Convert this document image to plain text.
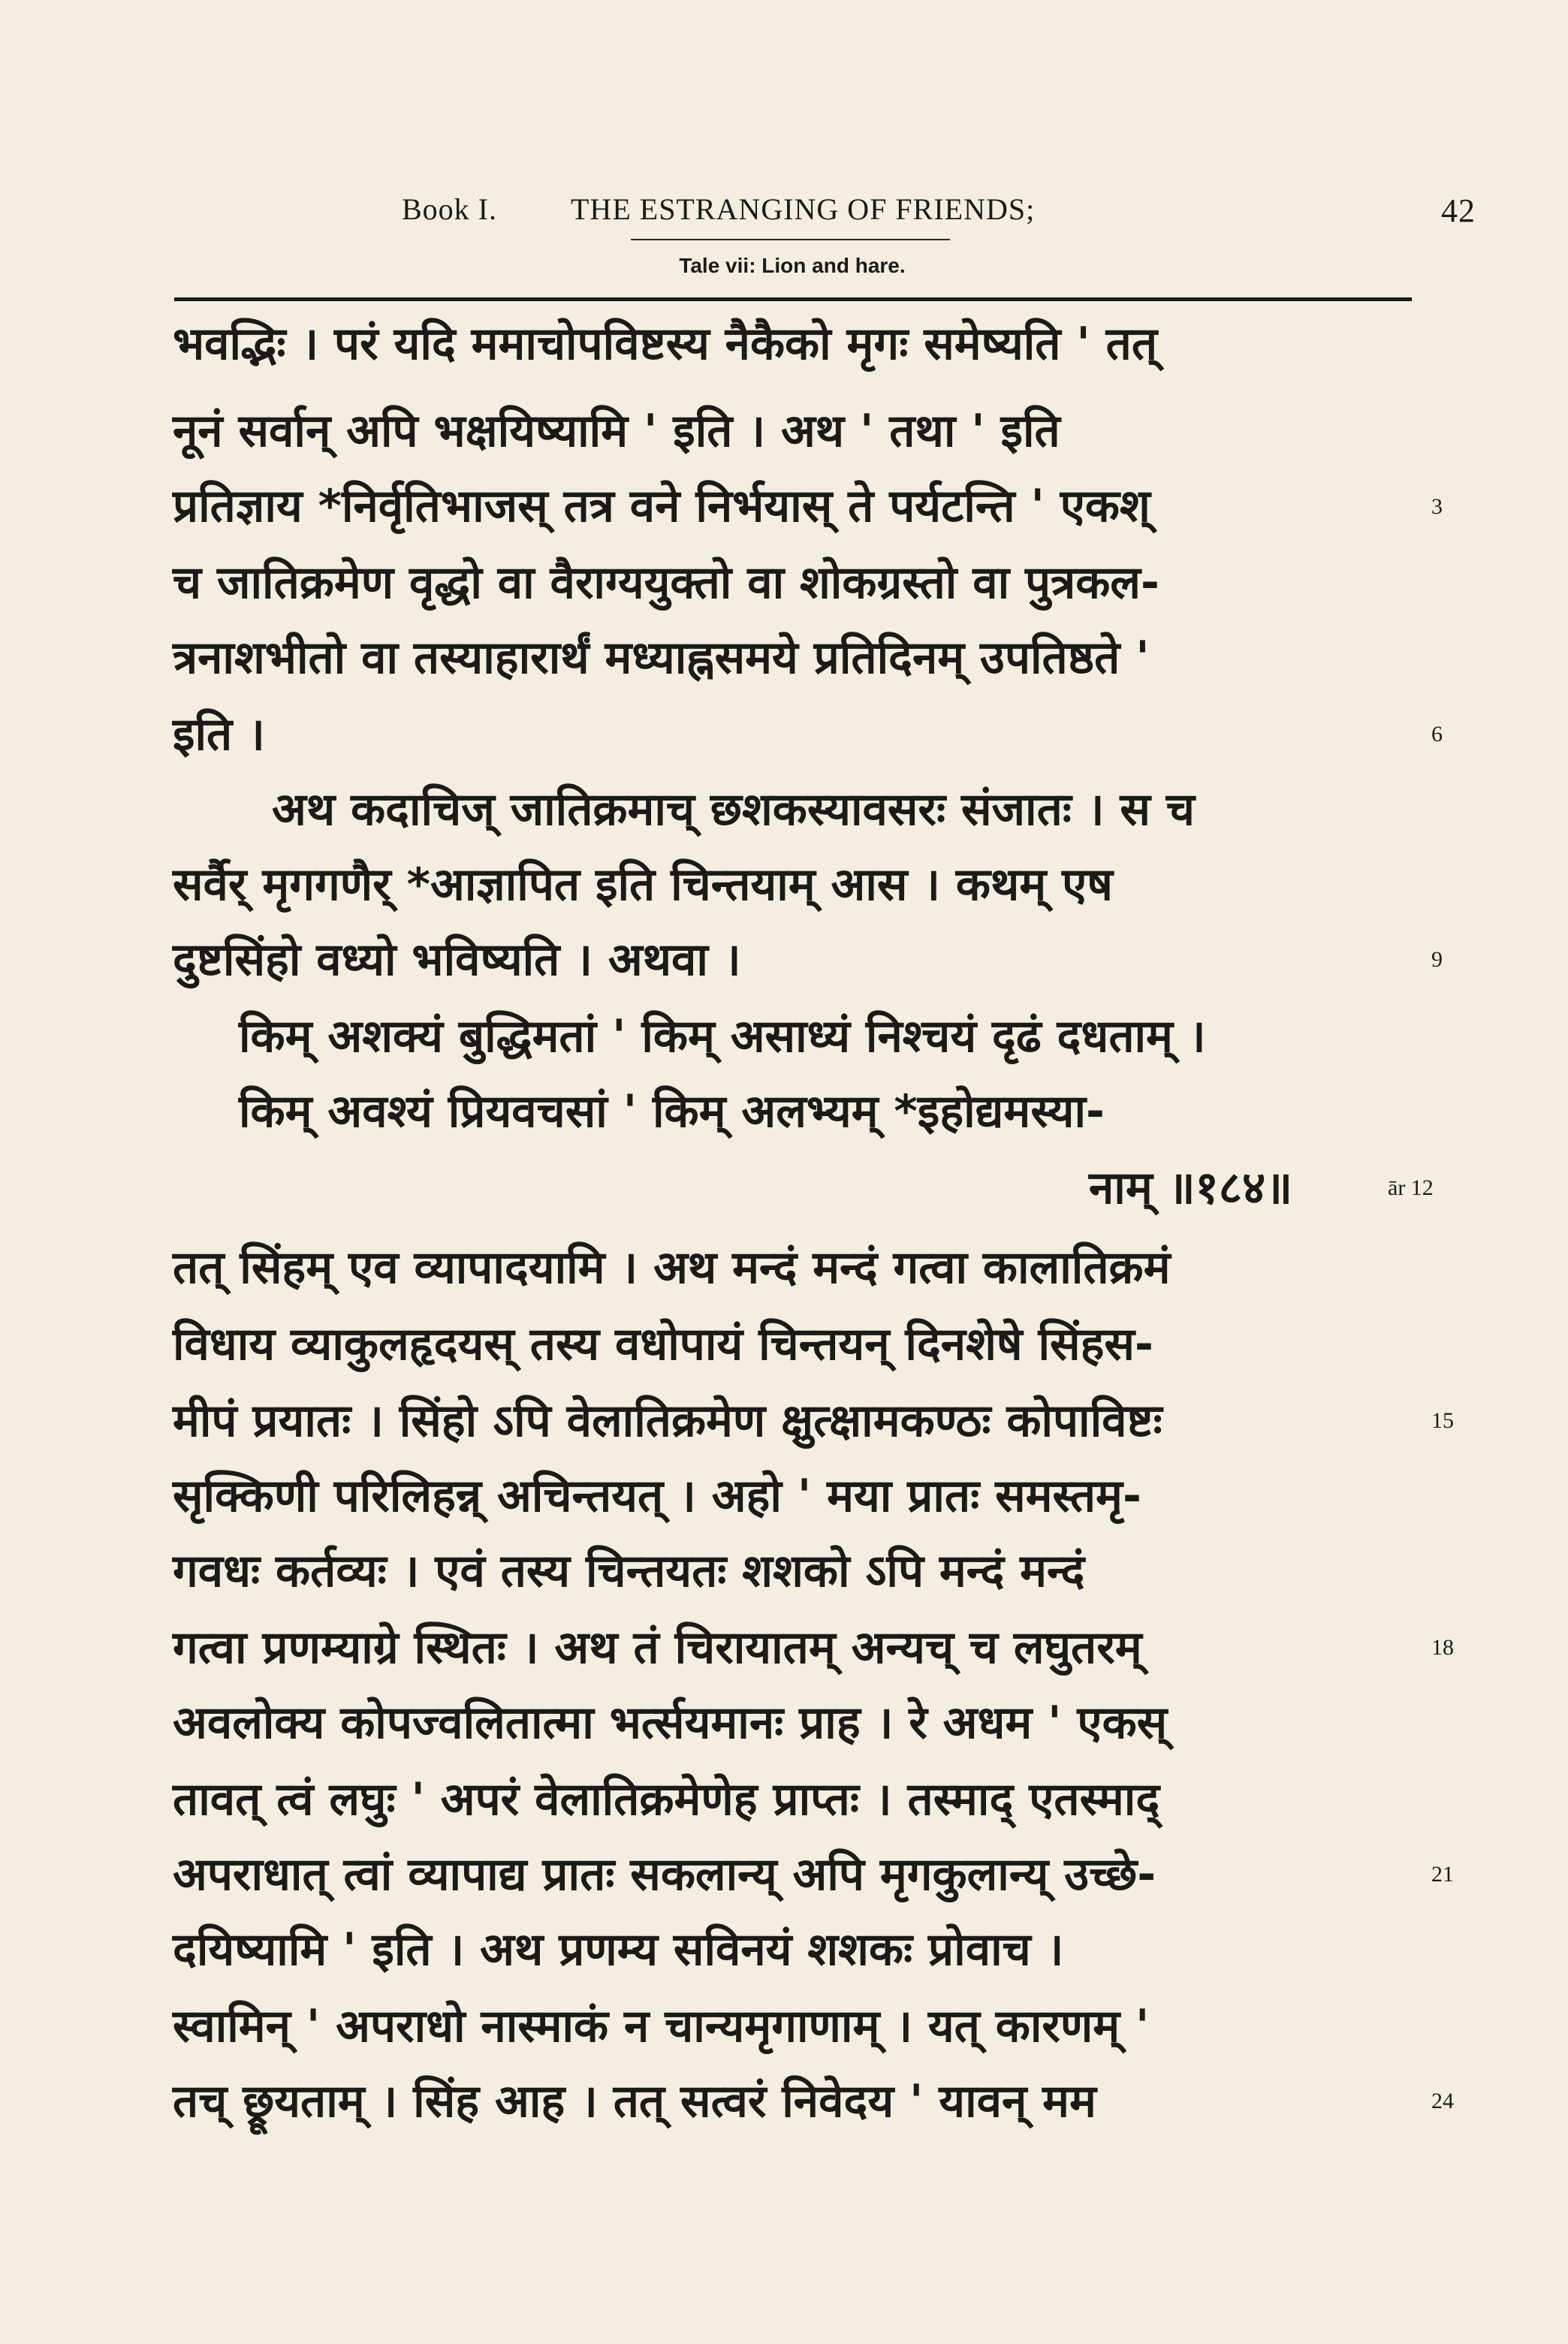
Book I. THE ESTRANGING OF FRIENDS;	42
Tale vii: Lion and hare.
भवद्भिः । परं यदि ममाचोपविष्टस्य नैकैको मृगः समेष्यति ' तत्
नूनं सर्वान् अपि भक्षयिष्यामि ' इति । अथ ' तथा ' इति
प्रतिज्ञाय *निर्वृतिभाजस् तत्र वने निर्भयास् ते पर्यटन्ति ' एकश्
च जातिक्रमेण वृद्धो वा वैराग्ययुक्तो वा शोकग्रस्तो वा पुत्रकल-
त्रनाशभीतो वा तस्याहारार्थं मध्याह्नसमये प्रतिदिनम् उपतिष्ठते '
इति ।
अथ कदाचिज् जातिक्रमाच् छशकस्यावसरः संजातः । स च
सर्वैर् मृगगणैर् *आज्ञापित इति चिन्तयाम् आस । कथम् एष
दुष्टसिंहो वध्यो भविष्यति । अथवा ।
किम् अशक्यं बुद्धिमतां ' किम् असाध्यं निश्चयं दृढं दधताम् ।
किम् अवश्यं प्रियवचसां ' किम् अलभ्यम् *इहोद्यमस्या-
नाम् ॥१८४॥
तत् सिंहम् एव व्यापादयामि । अथ मन्दं मन्दं गत्वा कालातिक्रमं
विधाय व्याकुलहृदयस् तस्य वधोपायं चिन्तयन् दिनशेषे सिंहस-
मीपं प्रयातः । सिंहो ऽपि वेलातिक्रमेण क्षुत्क्षामकण्ठः कोपाविष्टः
सृक्किणी परिलिहन्न् अचिन्तयत् । अहो ' मया प्रातः समस्तमृ-
गवधः कर्तव्यः । एवं तस्य चिन्तयतः शशको ऽपि मन्दं मन्दं
गत्वा प्रणम्याग्रे स्थितः । अथ तं चिरायातम् अन्यच् च लघुतरम्
अवलोक्य कोपज्वलितात्मा भर्त्सयमानः प्राह । रे अधम ' एकस्
तावत् त्वं लघुः ' अपरं वेलातिक्रमेणेह प्राप्तः । तस्माद् एतस्माद्
अपराधात् त्वां व्यापाद्य प्रातः सकलान्य् अपि मृगकुलान्य् उच्छे-
दयिष्यामि ' इति । अथ प्रणम्य सविनयं शशकः प्रोवाच ।
स्वामिन् ' अपराधो नास्माकं न चान्यमृगाणाम् । यत् कारणम् '
तच् छ्रूयताम् । सिंह आह । तत् सत्वरं निवेदय ' यावन् मम
3
6
9
ār 12
15
18
21
24
